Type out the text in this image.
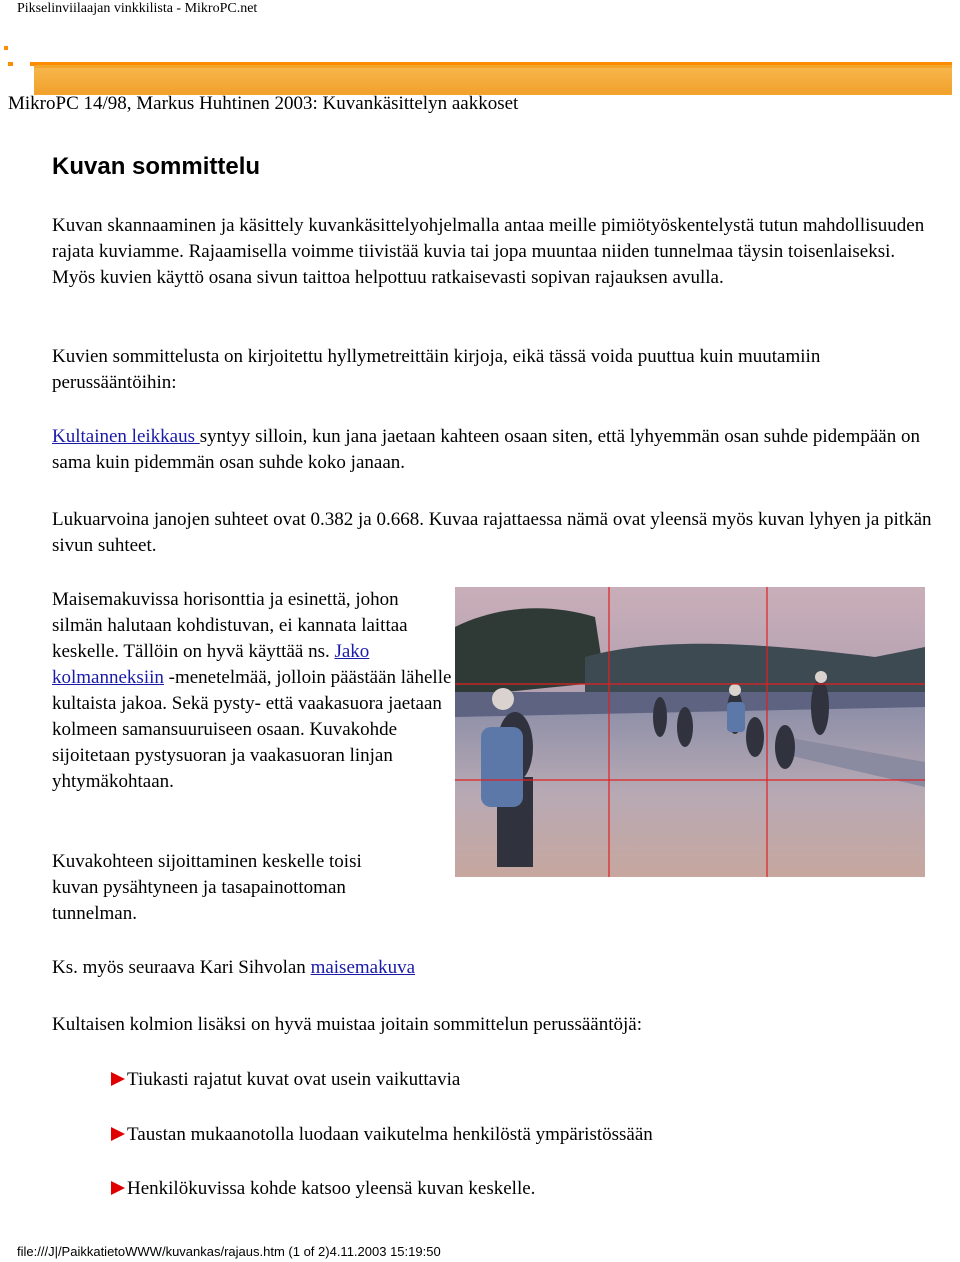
Pikselinviilaajan vinkkilista - MikroPC.net
MikroPC 14/98, Markus Huhtinen 2003: Kuvankäsittelyn aakkoset
Kuvan sommittelu

Kuvan skannaaminen ja käsittely kuvankäsittelyohjelmalla antaa meille pimiötyöskentelystä tutun mahdollisuuden rajata kuviamme. Rajaamisella voimme tiivistää kuvia tai jopa muuntaa niiden tunnelmaa täysin toisenlaiseksi. Myös kuvien käyttö osana sivun taittoa helpottuu ratkaisevasti sopivan rajauksen avulla.

Kuvien sommittelusta on kirjoitettu hyllymetreittäin kirjoja, eikä tässä voida puuttua kuin muutamiin perussääntöihin:

Kultainen leikkaus syntyy silloin, kun jana jaetaan kahteen osaan siten, että lyhyemmän osan suhde pidempään on sama kuin pidemmän osan suhde koko janaan.

Lukuarvoina janojen suhteet ovat 0.382 ja 0.668. Kuvaa rajattaessa nämä ovat yleensä myös kuvan lyhyen ja pitkän sivun suhteet.

Maisemakuvissa horisonttia ja esinettä, johon silmän halutaan kohdistuvan, ei kannata laittaa keskelle. Tällöin on hyvä käyttää ns. Jako kolmanneksiin -menetelmää, jolloin päästään lähelle kultaista jakoa. Sekä pysty- että vaakasuora jaetaan kolmeen samansuuruiseen osaan. Kuvakohde sijoitetaan pystysuoran ja vaakasuoran linjan yhtymäkohtaan.

Kuvakohteen sijoittaminen keskelle toisi kuvan pysähtyneen ja tasapainottoman tunnelman.

Ks. myös seuraava Kari Sihvolan maisemakuva

Kultaisen kolmion lisäksi on hyvä muistaa joitain sommittelun perussääntöjä:

Tiukasti rajatut kuvat ovat usein vaikuttavia
Taustan mukaanotolla luodaan vaikutelma henkilöstä ympäristössään
Henkilökuvissa kohde katsoo yleensä kuvan keskelle.
file:///J|/PaikkatietoWWW/kuvankas/rajaus.htm (1 of 2)4.11.2003 15:19:50
